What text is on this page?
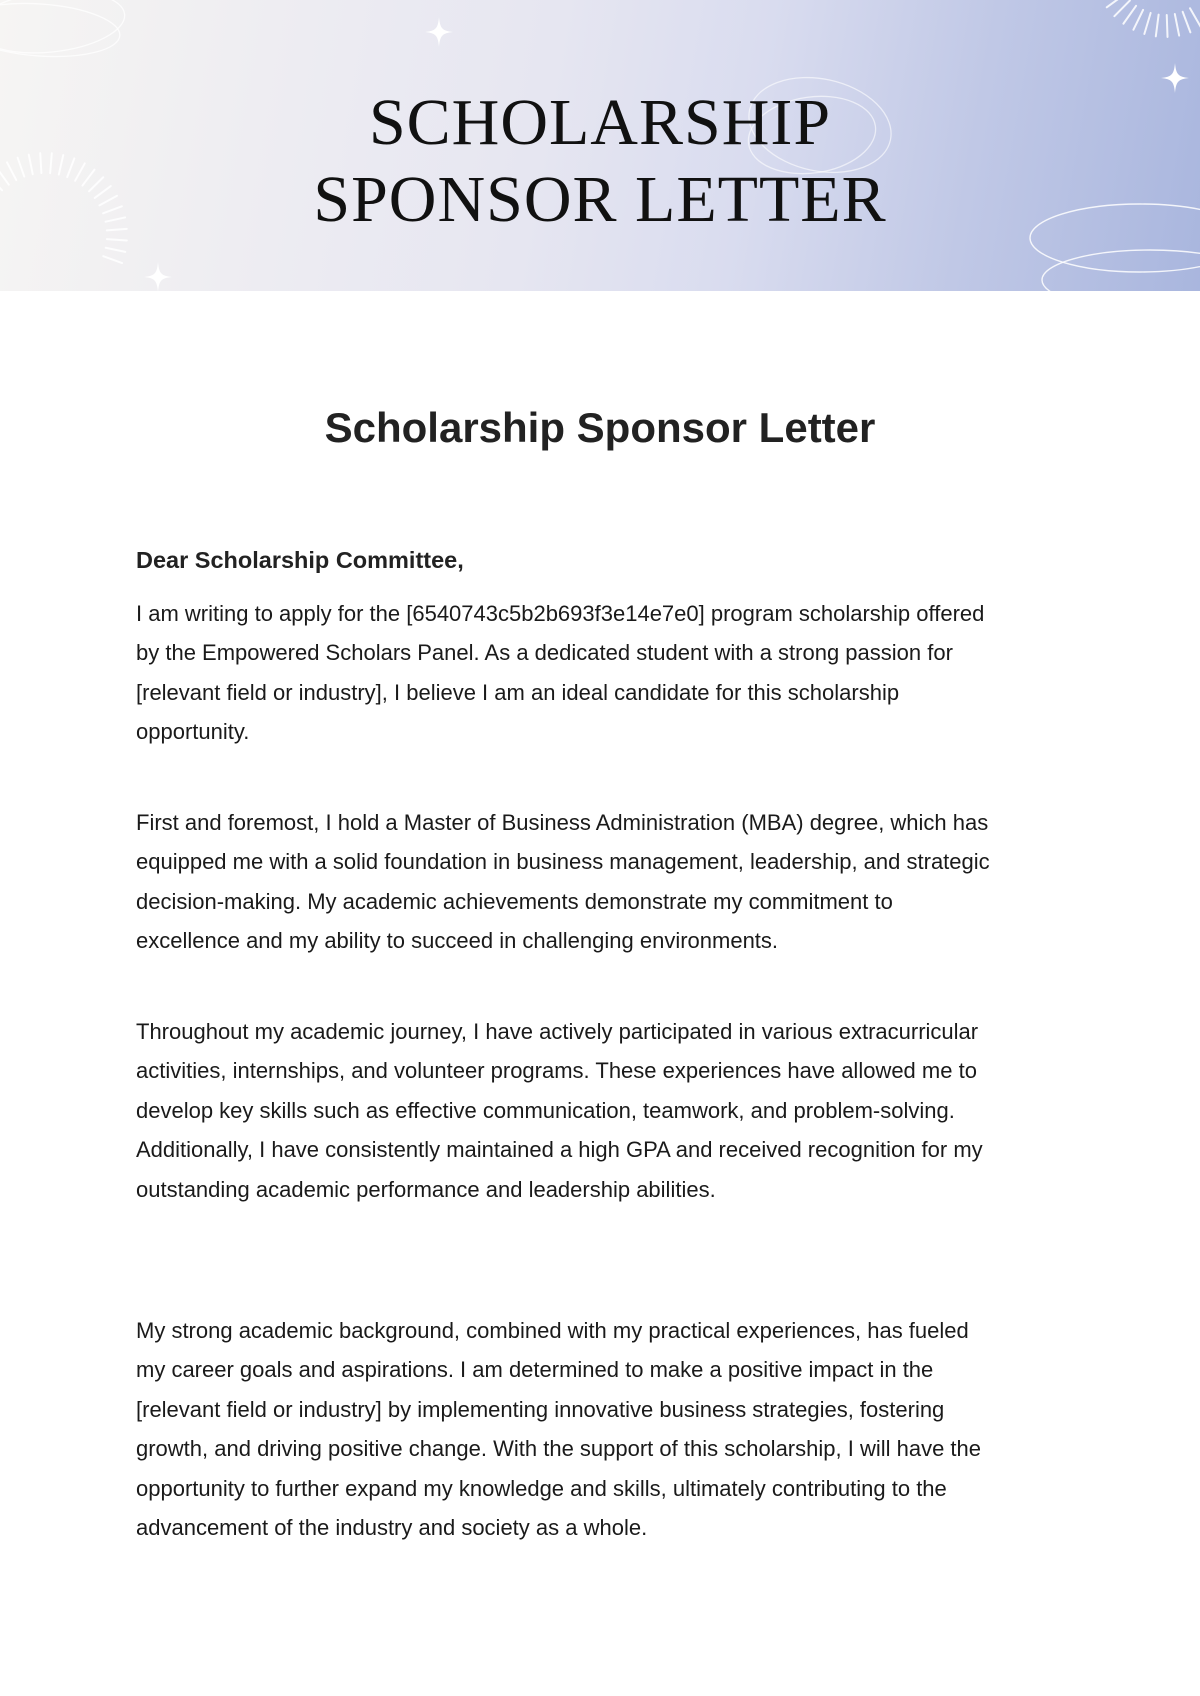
SCHOLARSHIP
SPONSOR LETTER
Scholarship Sponsor Letter

Dear Scholarship Committee,

I am writing to apply for the [6540743c5b2b693f3e14e7e0] program scholarship offered
by the Empowered Scholars Panel. As a dedicated student with a strong passion for
[relevant field or industry], I believe I am an ideal candidate for this scholarship
opportunity.

First and foremost, I hold a Master of Business Administration (MBA) degree, which has
equipped me with a solid foundation in business management, leadership, and strategic
decision-making. My academic achievements demonstrate my commitment to
excellence and my ability to succeed in challenging environments.

Throughout my academic journey, I have actively participated in various extracurricular
activities, internships, and volunteer programs. These experiences have allowed me to
develop key skills such as effective communication, teamwork, and problem-solving.
Additionally, I have consistently maintained a high GPA and received recognition for my
outstanding academic performance and leadership abilities.

My strong academic background, combined with my practical experiences, has fueled
my career goals and aspirations. I am determined to make a positive impact in the
[relevant field or industry] by implementing innovative business strategies, fostering
growth, and driving positive change. With the support of this scholarship, I will have the
opportunity to further expand my knowledge and skills, ultimately contributing to the
advancement of the industry and society as a whole.
